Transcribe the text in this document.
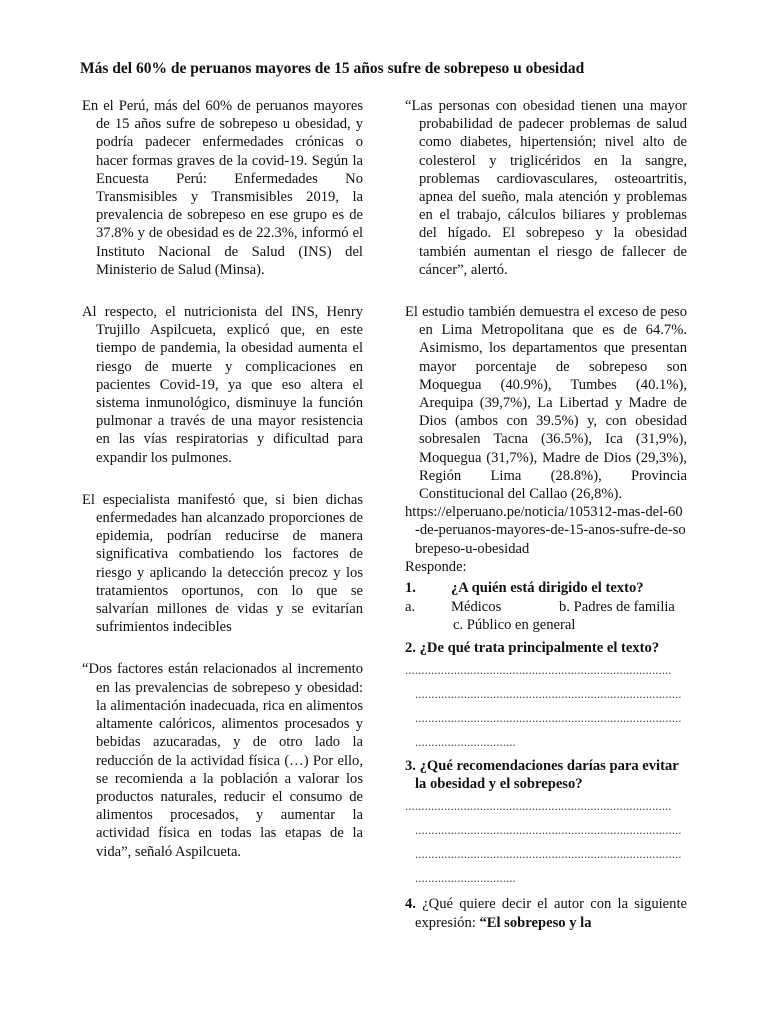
Más del 60% de peruanos mayores de 15 años sufre de sobrepeso u obesidad

En el Perú, más del 60% de peruanos mayores de 15 años sufre de sobrepeso u obesidad, y podría padecer enfermedades crónicas o hacer formas graves de la covid-19. Según la Encuesta Perú: Enfermedades No Transmisibles y Transmisibles 2019, la prevalencia de sobrepeso en ese grupo es de 37.8% y de obesidad es de 22.3%, informó el Instituto Nacional de Salud (INS) del Ministerio de Salud (Minsa).

Al respecto, el nutricionista del INS, Henry Trujillo Aspilcueta, explicó que, en este tiempo de pandemia, la obesidad aumenta el riesgo de muerte y complicaciones en pacientes Covid-19, ya que eso altera el sistema inmunológico, disminuye la función pulmonar a través de una mayor resistencia en las vías respiratorias y dificultad para expandir los pulmones.

El especialista manifestó que, si bien dichas enfermedades han alcanzado proporciones de epidemia, podrían reducirse de manera significativa combatiendo los factores de riesgo y aplicando la detección precoz y los tratamientos oportunos, con lo que se salvarían millones de vidas y se evitarían sufrimientos indecibles

“Dos factores están relacionados al incremento en las prevalencias de sobrepeso y obesidad: la alimentación inadecuada, rica en alimentos altamente calóricos, alimentos procesados y bebidas azucaradas, y de otro lado la reducción de la actividad física (…) Por ello, se recomienda a la población a valorar los productos naturales, reducir el consumo de alimentos procesados, y aumentar la actividad física en todas las etapas de la vida”, señaló Aspilcueta.

“Las personas con obesidad tienen una mayor probabilidad de padecer problemas de salud como diabetes, hipertensión; nivel alto de colesterol y triglicéridos en la sangre, problemas cardiovasculares, osteoartritis, apnea del sueño, mala atención y problemas en el trabajo, cálculos biliares y problemas del hígado. El sobrepeso y la obesidad también aumentan el riesgo de fallecer de cáncer”, alertó.

El estudio también demuestra el exceso de peso en Lima Metropolitana que es de 64.7%. Asimismo, los departamentos que presentan mayor porcentaje de sobrepeso son Moquegua (40.9%), Tumbes (40.1%), Arequipa (39,7%), La Libertad y Madre de Dios (ambos con 39.5%) y, con obesidad sobresalen Tacna (36.5%), Ica (31,9%), Moquegua (31,7%), Madre de Dios (29,3%), Región Lima (28.8%), Provincia Constitucional del Callao (26,8%).

https://elperuano.pe/noticia/105312-mas-del-60-de-peruanos-mayores-de-15-anos-sufre-de-sobrepeso-u-obesidad

Responde:

1.	¿A quién está dirigido el texto?
a.	Médicos	b. Padres de familia

c. Público en general

2. ¿De qué trata principalmente el texto?

..................................................................................
..................................................................................
..................................................................................
...............................

3. ¿Qué recomendaciones darías para evitar la obesidad y el sobrepeso?

..................................................................................
..................................................................................
..................................................................................
...............................

4. ¿Qué quiere decir el autor con la siguiente expresión: “El sobrepeso y la
